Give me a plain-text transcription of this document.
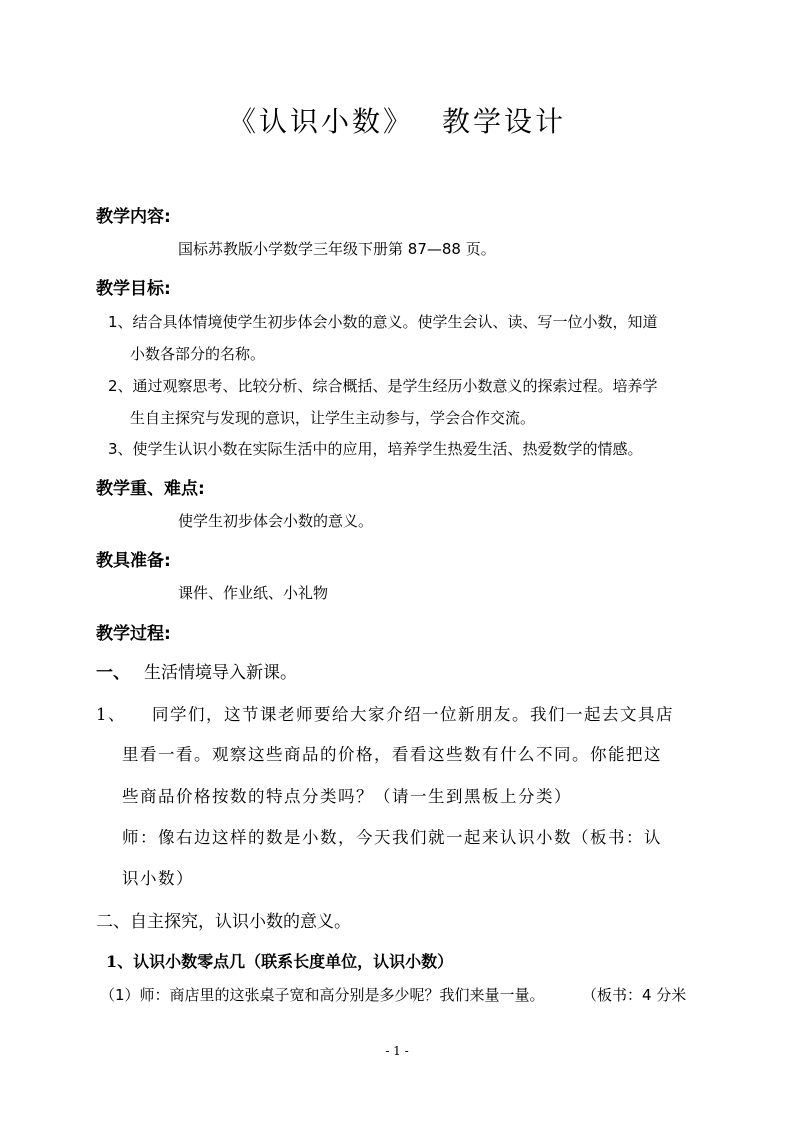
《认识小数》 教学设计
教学内容:
国标苏教版小学数学三年级下册第 87—88 页。
教学目标:
1、结合具体情境使学生初步体会小数的意义。使学生会认、读、写一位小数，知道
小数各部分的名称。
2、通过观察思考、比较分析、综合概括、是学生经历小数意义的探索过程。培养学
生自主探究与发现的意识，让学生主动参与，学会合作交流。
3、使学生认识小数在实际生活中的应用，培养学生热爱生活、热爱数学的情感。
教学重、难点:
使学生初步体会小数的意义。
教具准备:
课件、作业纸、小礼物
教学过程:
一、 生活情境导入新课。
1、 同学们，这节课老师要给大家介绍一位新朋友。我们一起去文具店
里看一看。观察这些商品的价格，看看这些数有什么不同。你能把这
些商品价格按数的特点分类吗？（请一生到黑板上分类）
师：像右边这样的数是小数，今天我们就一起来认识小数（板书：认
识小数）
二、自主探究，认识小数的意义。
1、认识小数零点几（联系长度单位，认识小数）
（1）师：商店里的这张桌子宽和高分别是多少呢？我们来量一量。 （板书：4 分米
- 1 -
